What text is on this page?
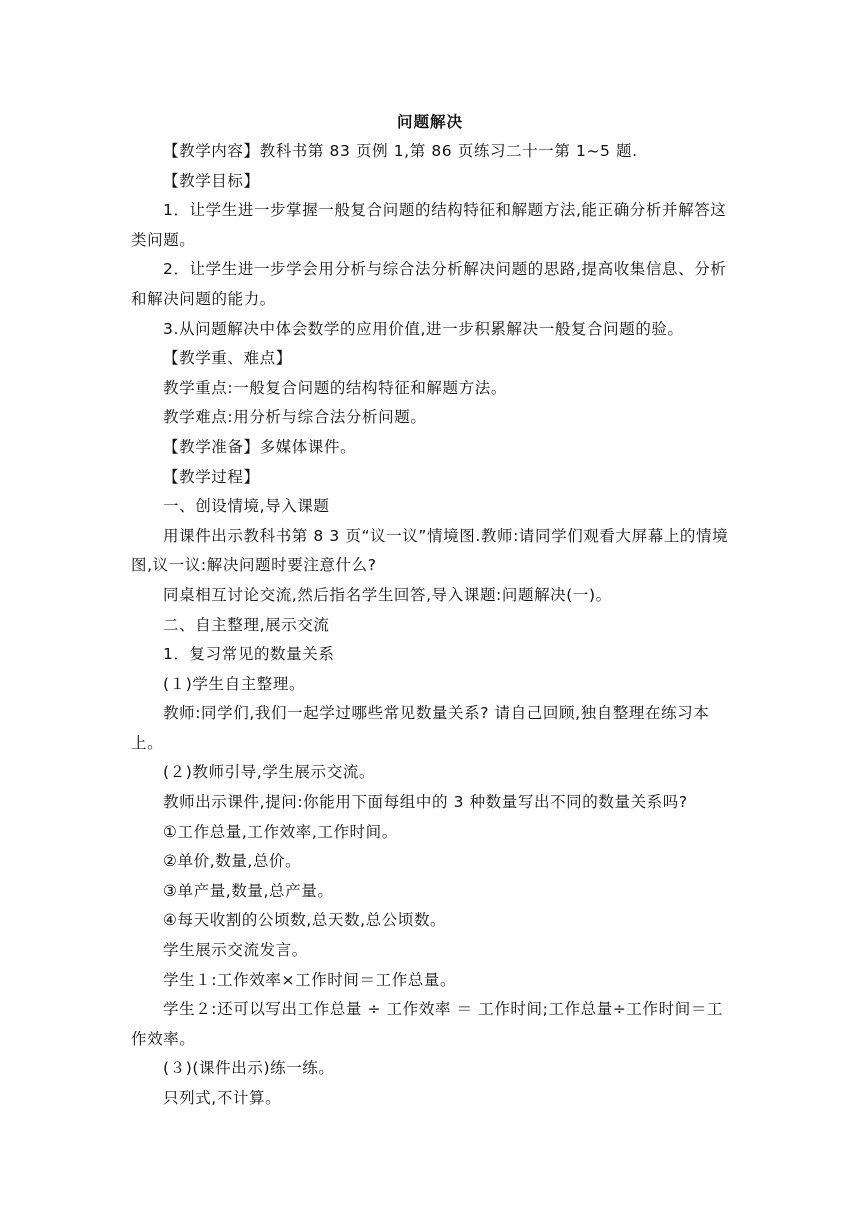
问题解决
【教学内容】教科书第 83 页例 1,第 86 页练习二十一第 1~5 题.
【教学目标】
1．让学生进一步掌握一般复合问题的结构特征和解题方法,能正确分析并解答这类问题。
2．让学生进一步学会用分析与综合法分析解决问题的思路,提高收集信息、分析和解决问题的能力。
3.从问题解决中体会数学的应用价值,进一步积累解决一般复合问题的验。
【教学重、难点】
教学重点:一般复合问题的结构特征和解题方法。
教学难点:用分析与综合法分析问题。
【教学准备】多媒体课件。
【教学过程】
一、创设情境,导入课题
用课件出示教科书第 8 3 页“议一议”情境图.教师:请同学们观看大屏幕上的情境图,议一议:解决问题时要注意什么?
同桌相互讨论交流,然后指名学生回答,导入课题:问题解决(一)。
二、自主整理,展示交流
1．复习常见的数量关系
(１)学生自主整理。
教师:同学们,我们一起学过哪些常见数量关系? 请自己回顾,独自整理在练习本上。
(２)教师引导,学生展示交流。
教师出示课件,提问:你能用下面每组中的 3 种数量写出不同的数量关系吗?
①工作总量,工作效率,工作时间。
②单价,数量,总价。
③单产量,数量,总产量。
④每天收割的公顷数,总天数,总公顷数。
学生展示交流发言。
学生１:工作效率×工作时间＝工作总量。
学生２:还可以写出工作总量 ÷ 工作效率 ＝ 工作时间;工作总量÷工作时间＝工作效率。
(３)(课件出示)练一练。
只列式,不计算。
